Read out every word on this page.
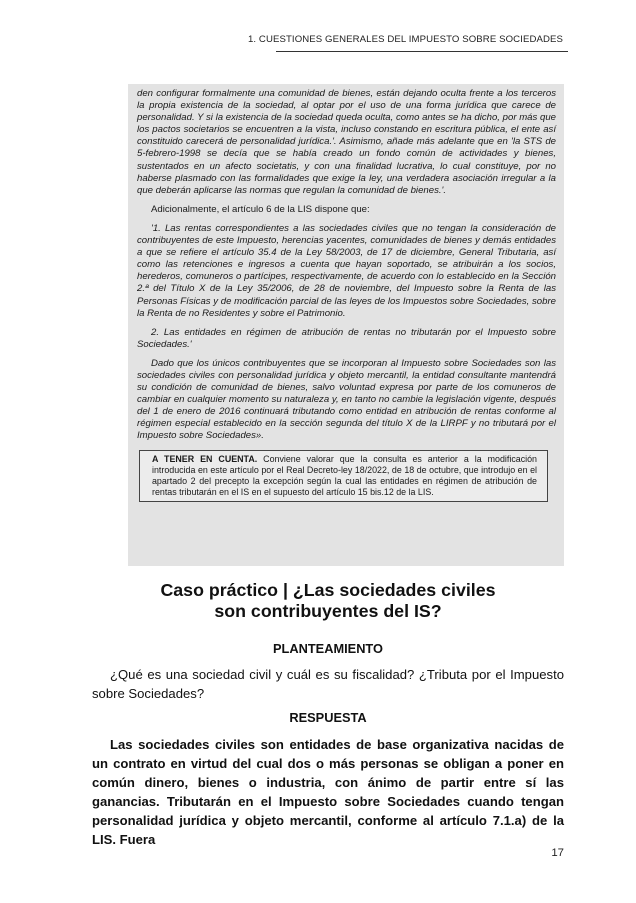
1. CUESTIONES GENERALES DEL IMPUESTO SOBRE SOCIEDADES

den configurar formalmente una comunidad de bienes, están dejando oculta frente a los terceros la propia existencia de la sociedad, al optar por el uso de una forma jurídica que carece de personalidad. Y si la existencia de la sociedad queda oculta, como antes se ha dicho, por más que los pactos societarios se encuentren a la vista, incluso constando en escritura pública, el ente así constituido carecerá de personalidad jurídica.'. Asimismo, añade más adelante que en 'la STS de 5-febrero-1998 se decía que se había creado un fondo común de actividades y bienes, sustentados en un afecto societatis, y con una finalidad lucrativa, lo cual constituye, por no haberse plasmado con las formalidades que exige la ley, una verdadera asociación irregular a la que deberán aplicarse las normas que regulan la comunidad de bienes.'.

Adicionalmente, el artículo 6 de la LIS dispone que:

'1. Las rentas correspondientes a las sociedades civiles que no tengan la consideración de contribuyentes de este Impuesto, herencias yacentes, comunidades de bienes y demás entidades a que se refiere el artículo 35.4 de la Ley 58/2003, de 17 de diciembre, General Tributaria, así como las retenciones e ingresos a cuenta que hayan soportado, se atribuirán a los socios, herederos, comuneros o partícipes, respectivamente, de acuerdo con lo establecido en la Sección 2.ª del Título X de la Ley 35/2006, de 28 de noviembre, del Impuesto sobre la Renta de las Personas Físicas y de modificación parcial de las leyes de los Impuestos sobre Sociedades, sobre la Renta de no Residentes y sobre el Patrimonio.

2. Las entidades en régimen de atribución de rentas no tributarán por el Impuesto sobre Sociedades.'

Dado que los únicos contribuyentes que se incorporan al Impuesto sobre Sociedades son las sociedades civiles con personalidad jurídica y objeto mercantil, la entidad consultante mantendrá su condición de comunidad de bienes, salvo voluntad expresa por parte de los comuneros de cambiar en cualquier momento su naturaleza y, en tanto no cambie la legislación vigente, después del 1 de enero de 2016 continuará tributando como entidad en atribución de rentas conforme al régimen especial establecido en la sección segunda del título X de la LIRPF y no tributará por el Impuesto sobre Sociedades».

A TENER EN CUENTA. Conviene valorar que la consulta es anterior a la modificación introducida en este artículo por el Real Decreto-ley 18/2022, de 18 de octubre, que introdujo en el apartado 2 del precepto la excepción según la cual las entidades en régimen de atribución de rentas tributarán en el IS en el supuesto del artículo 15 bis.12 de la LIS.
Caso práctico | ¿Las sociedades civiles
son contribuyentes del IS?
PLANTEAMIENTO
¿Qué es una sociedad civil y cuál es su fiscalidad? ¿Tributa por el Impuesto sobre Sociedades?
RESPUESTA
Las sociedades civiles son entidades de base organizativa nacidas de un contrato en virtud del cual dos o más personas se obligan a poner en común dinero, bienes o industria, con ánimo de partir entre sí las ganancias. Tributarán en el Impuesto sobre Sociedades cuando tengan personalidad jurídica y objeto mercantil, conforme al artículo 7.1.a) de la LIS. Fuera
17
